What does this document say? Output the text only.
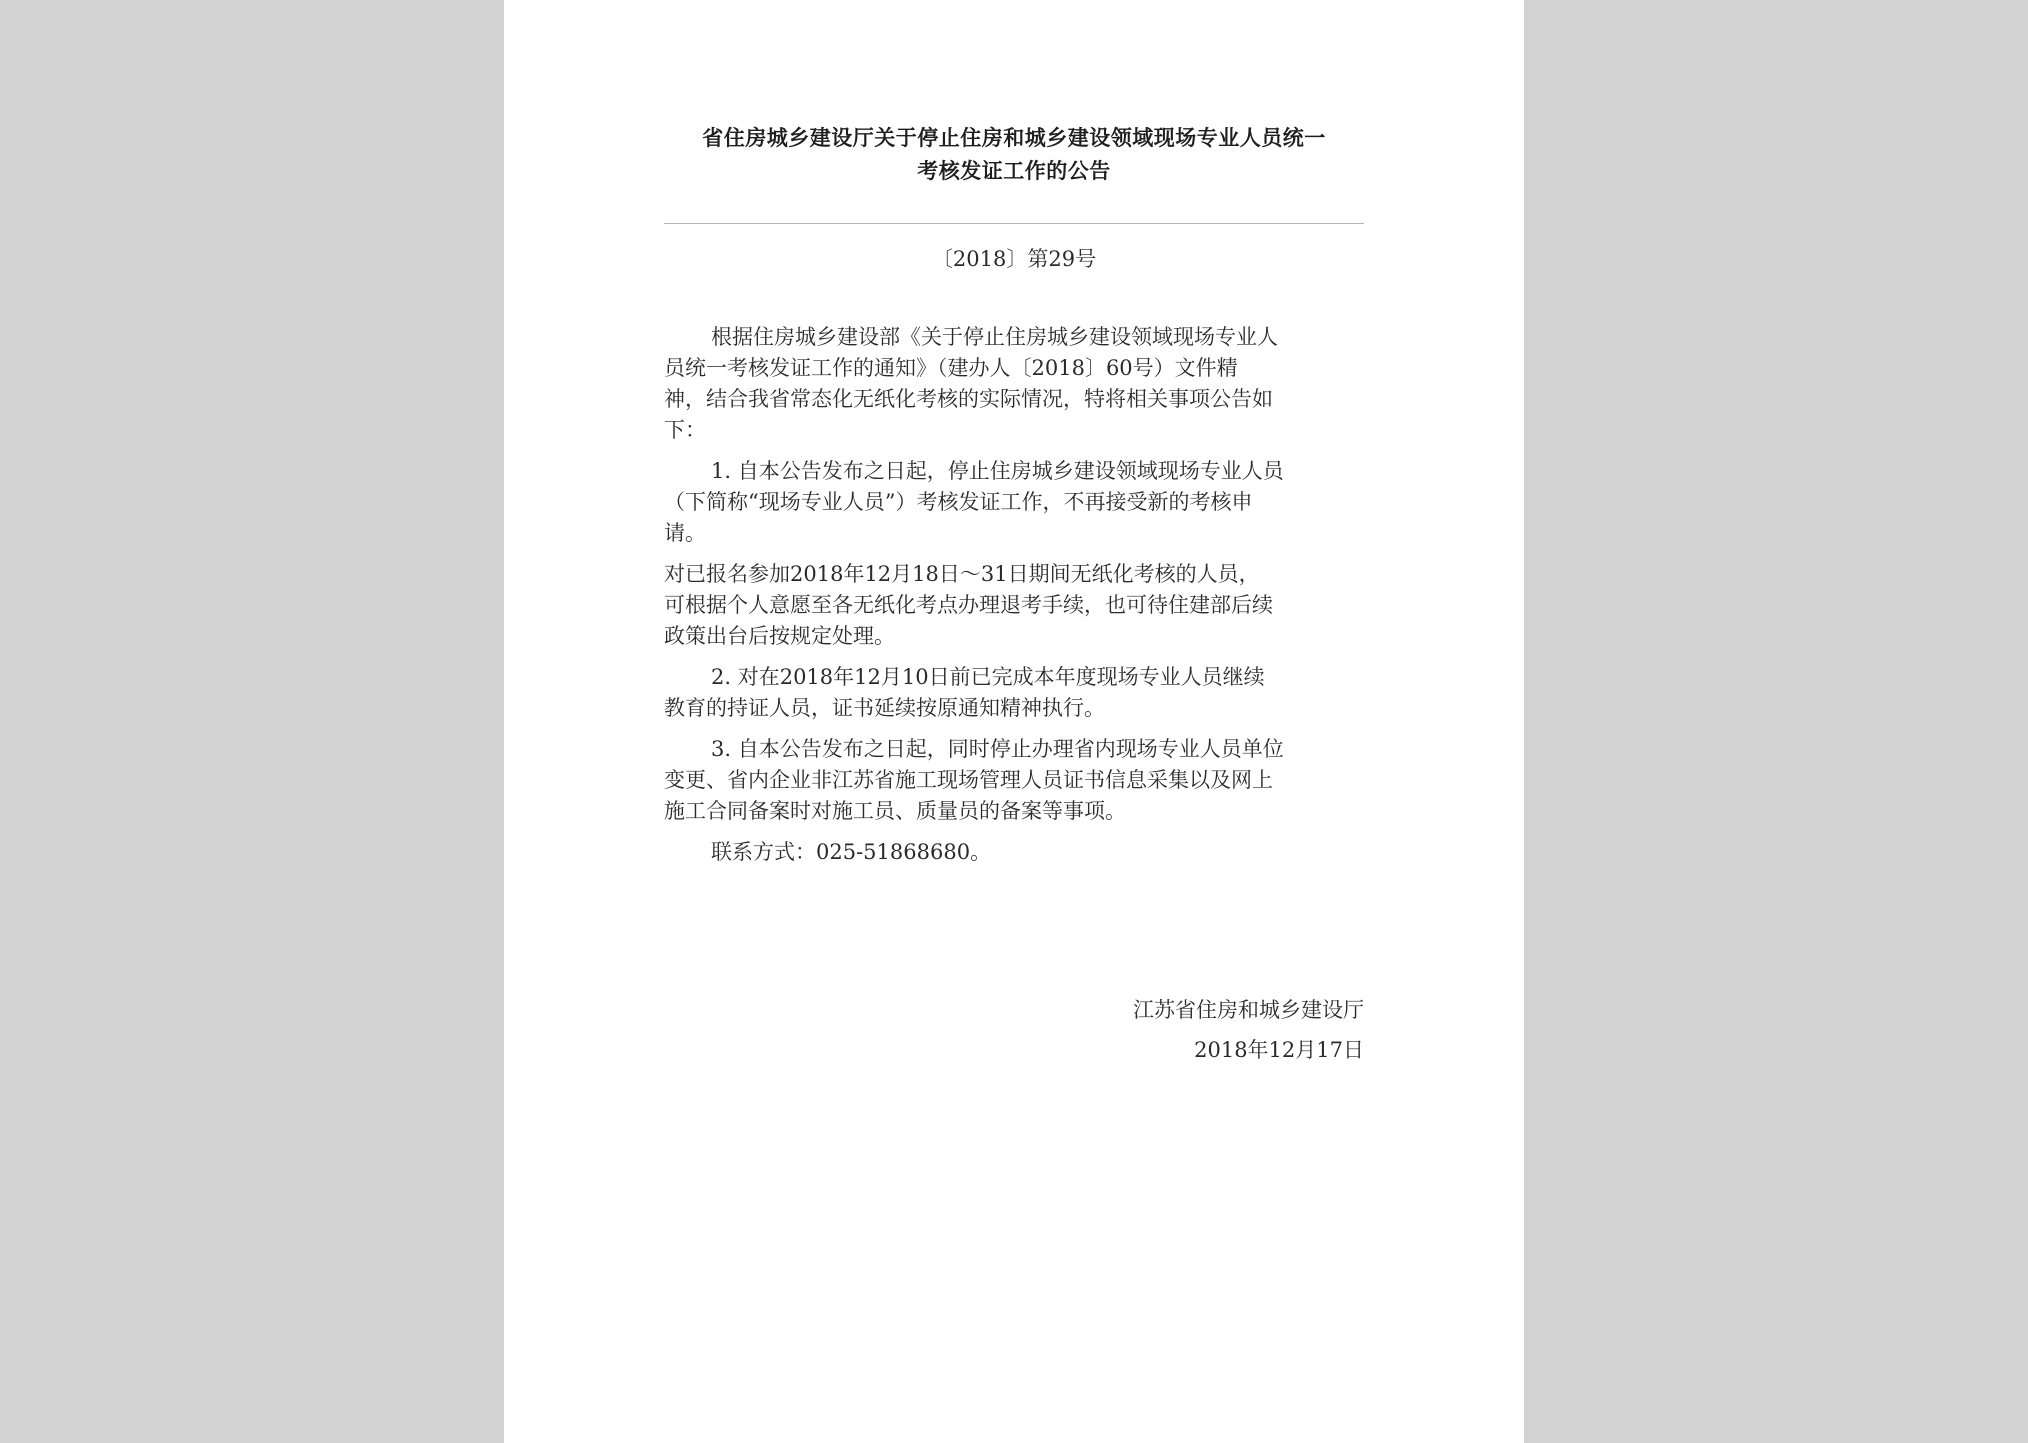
省住房城乡建设厅关于停止住房和城乡建设领域现场专业人员统一
考核发证工作的公告
〔2018〕第29号
根据住房城乡建设部《关于停止住房城乡建设领域现场专业人
员统一考核发证工作的通知》（建办人〔2018〕60号）文件精
神，结合我省常态化无纸化考核的实际情况，特将相关事项公告如
下：
1. 自本公告发布之日起，停止住房城乡建设领域现场专业人员
（下简称“现场专业人员”）考核发证工作，不再接受新的考核申
请。
对已报名参加2018年12月18日～31日期间无纸化考核的人员，
可根据个人意愿至各无纸化考点办理退考手续，也可待住建部后续
政策出台后按规定处理。
2. 对在2018年12月10日前已完成本年度现场专业人员继续
教育的持证人员，证书延续按原通知精神执行。
3. 自本公告发布之日起，同时停止办理省内现场专业人员单位
变更、省内企业非江苏省施工现场管理人员证书信息采集以及网上
施工合同备案时对施工员、质量员的备案等事项。
联系方式：025-51868680。
江苏省住房和城乡建设厅
2018年12月17日
